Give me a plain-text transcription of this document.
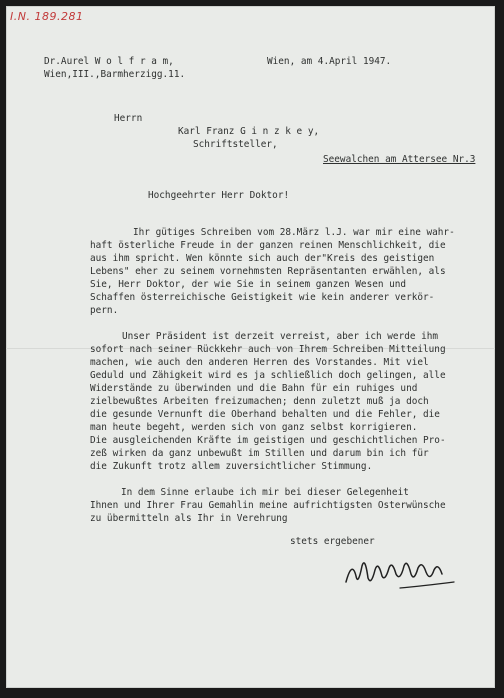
I.N. 189.281
Dr.Aurel W o l f r a m,
Wien,III.,Barmherzigg.11.
Wien, am 4.April 1947.
Herrn
Karl Franz G i n z k e y,
Schriftsteller,
Seewalchen am Attersee Nr.3
Hochgeehrter Herr Doktor!
Ihr gütiges Schreiben vom 28.März l.J. war mir eine wahr-
haft österliche Freude in der ganzen reinen Menschlichkeit, die
aus ihm spricht. Wen könnte sich auch der"Kreis des geistigen
Lebens" eher zu seinem vornehmsten Repräsentanten erwählen, als
Sie, Herr Doktor, der wie Sie in seinem ganzen Wesen und
Schaffen österreichische Geistigkeit wie kein anderer verkör-
pern.
Unser Präsident ist derzeit verreist, aber ich werde ihm
sofort nach seiner Rückkehr auch von Ihrem Schreiben Mitteilung
machen, wie auch den anderen Herren des Vorstandes. Mit viel
Geduld und Zähigkeit wird es ja schließlich doch gelingen, alle
Widerstände zu überwinden und die Bahn für ein ruhiges und
zielbewußtes Arbeiten freizumachen; denn zuletzt muß ja doch
die gesunde Vernunft die Oberhand behalten und die Fehler, die
man heute begeht, werden sich von ganz selbst korrigieren.
Die ausgleichenden Kräfte im geistigen und geschichtlichen Pro-
zeß wirken da ganz unbewußt im Stillen und darum bin ich für
die Zukunft trotz allem zuversichtlicher Stimmung.
In dem Sinne erlaube ich mir bei dieser Gelegenheit
Ihnen und Ihrer Frau Gemahlin meine aufrichtigsten Osterwünsche
zu übermitteln als Ihr in Verehrung
stets ergebener
